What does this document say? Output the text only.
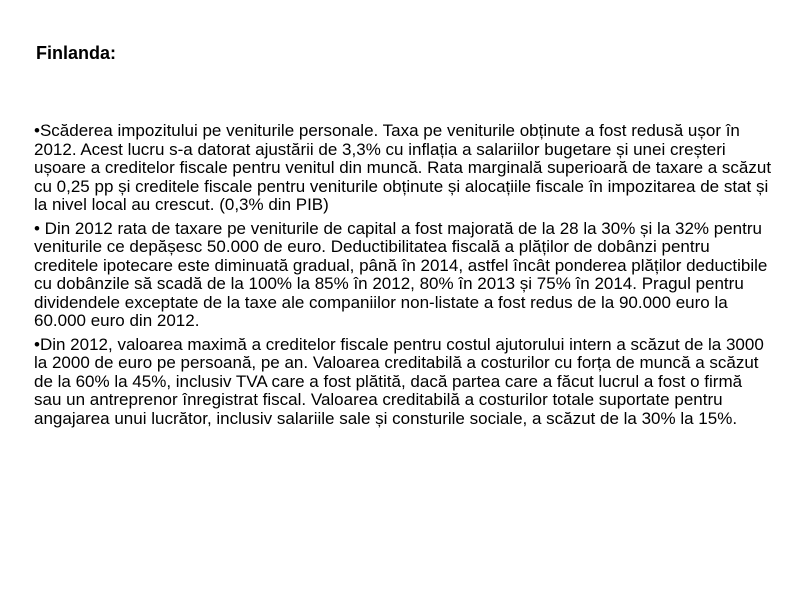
Finlanda:

•Scăderea impozitului pe veniturile personale. Taxa pe veniturile obținute a fost redusă ușor în 2012. Acest lucru s-a datorat ajustării de 3,3% cu inflația a salariilor bugetare și unei creșteri ușoare a creditelor fiscale pentru venitul din muncă. Rata marginală superioară de taxare a scăzut cu 0,25 pp și creditele fiscale pentru veniturile obținute și alocațiile fiscale în impozitarea de stat și la nivel local au crescut. (0,3% din PIB)

• Din 2012 rata de taxare pe veniturile de capital a fost majorată de la 28 la 30% și la 32% pentru veniturile ce depășesc 50.000 de euro. Deductibilitatea fiscală a plăților de dobânzi pentru creditele ipotecare este diminuată gradual, până în 2014, astfel încât ponderea plăților deductibile cu dobânzile să scadă de la 100% la 85% în 2012, 80% în 2013 și 75% în 2014. Pragul pentru dividendele exceptate de la taxe ale companiilor non-listate a fost redus de la 90.000 euro la 60.000 euro din 2012.

•Din 2012, valoarea maximă a creditelor fiscale pentru costul ajutorului intern a scăzut de la 3000 la 2000 de euro pe persoană, pe an. Valoarea creditabilă a costurilor cu forța de muncă a scăzut de la 60% la 45%, inclusiv TVA care a fost plătită, dacă partea care a făcut lucrul a fost o firmă sau un antreprenor înregistrat fiscal. Valoarea creditabilă a costurilor totale suportate pentru angajarea unui lucrător, inclusiv salariile sale și consturile sociale, a scăzut de la 30% la 15%.
